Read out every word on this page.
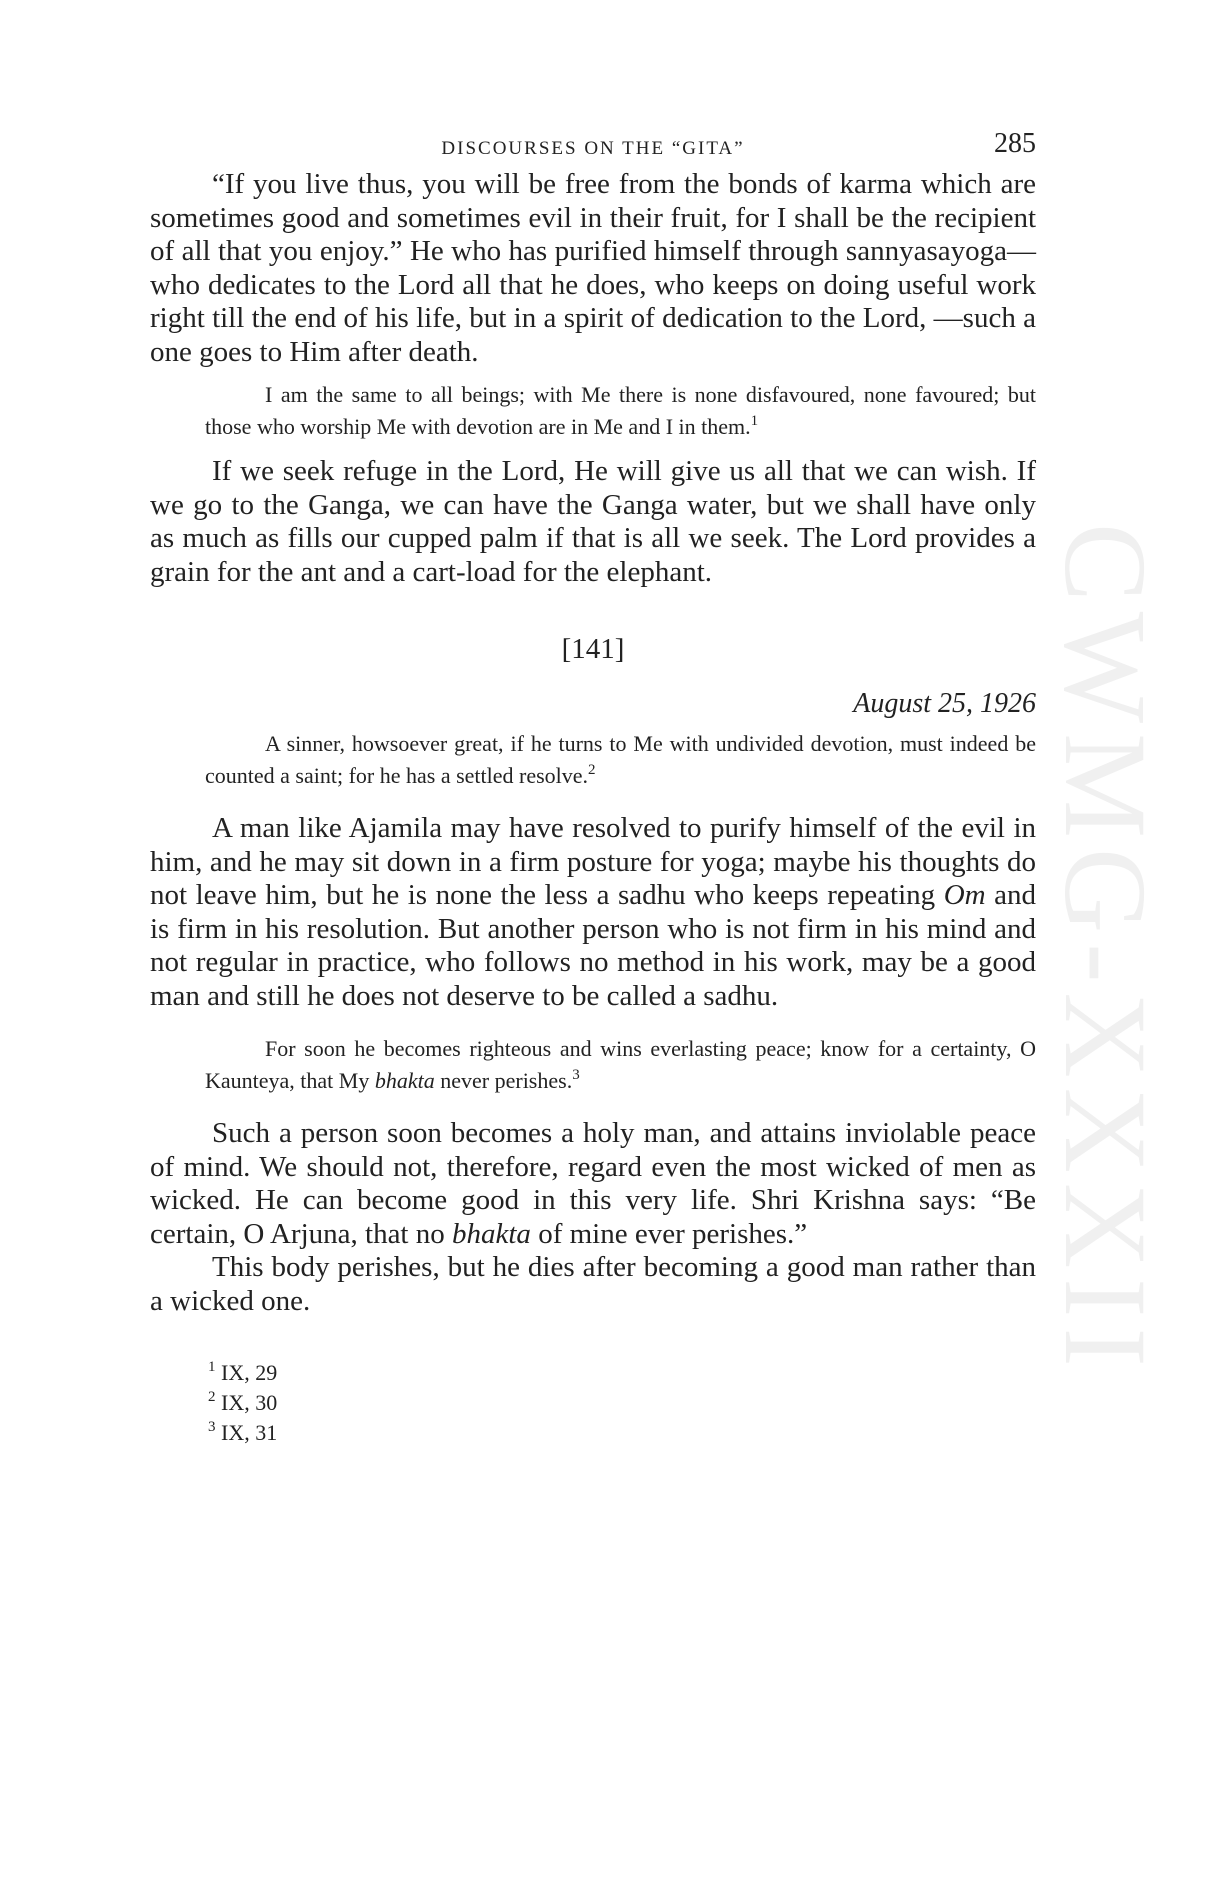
CWMG-XXXII
DISCOURSES ON THE “GITA”	285

“If you live thus, you will be free from the bonds of karma which are sometimes good and sometimes evil in their fruit, for I shall be the recipient of all that you enjoy.” He who has purified himself through sannyasayoga—who dedicates to the Lord all that he does, who keeps on doing useful work right till the end of his life, but in a spirit of dedication to the Lord, —such a one goes to Him after death.

I am the same to all beings; with Me there is none disfavoured, none favoured; but those who worship Me with devotion are in Me and I in them.$^1$

If we seek refuge in the Lord, He will give us all that we can wish. If we go to the Ganga, we can have the Ganga water, but we shall have only as much as fills our cupped palm if that is all we seek. The Lord provides a grain for the ant and a cart-load for the elephant.

[141]

August 25, 1926

A sinner, howsoever great, if he turns to Me with undivided devotion, must indeed be counted a saint; for he has a settled resolve.$^2$

A man like Ajamila may have resolved to purify himself of the evil in him, and he may sit down in a firm posture for yoga; maybe his thoughts do not leave him, but he is none the less a sadhu who keeps repeating Om and is firm in his resolution. But another person who is not firm in his mind and not regular in practice, who follows no method in his work, may be a good man and still he does not deserve to be called a sadhu.

For soon he becomes righteous and wins everlasting peace; know for a certainty, O Kaunteya, that My bhakta never perishes.$^3$

Such a person soon becomes a holy man, and attains inviolable peace of mind. We should not, therefore, regard even the most wicked of men as wicked. He can become good in this very life. Shri Krishna says: “Be certain, O Arjuna, that no bhakta of mine ever perishes.”

This body perishes, but he dies after becoming a good man rather than a wicked one.

$^1$ IX, 29
$^2$ IX, 30
$^3$ IX, 31
